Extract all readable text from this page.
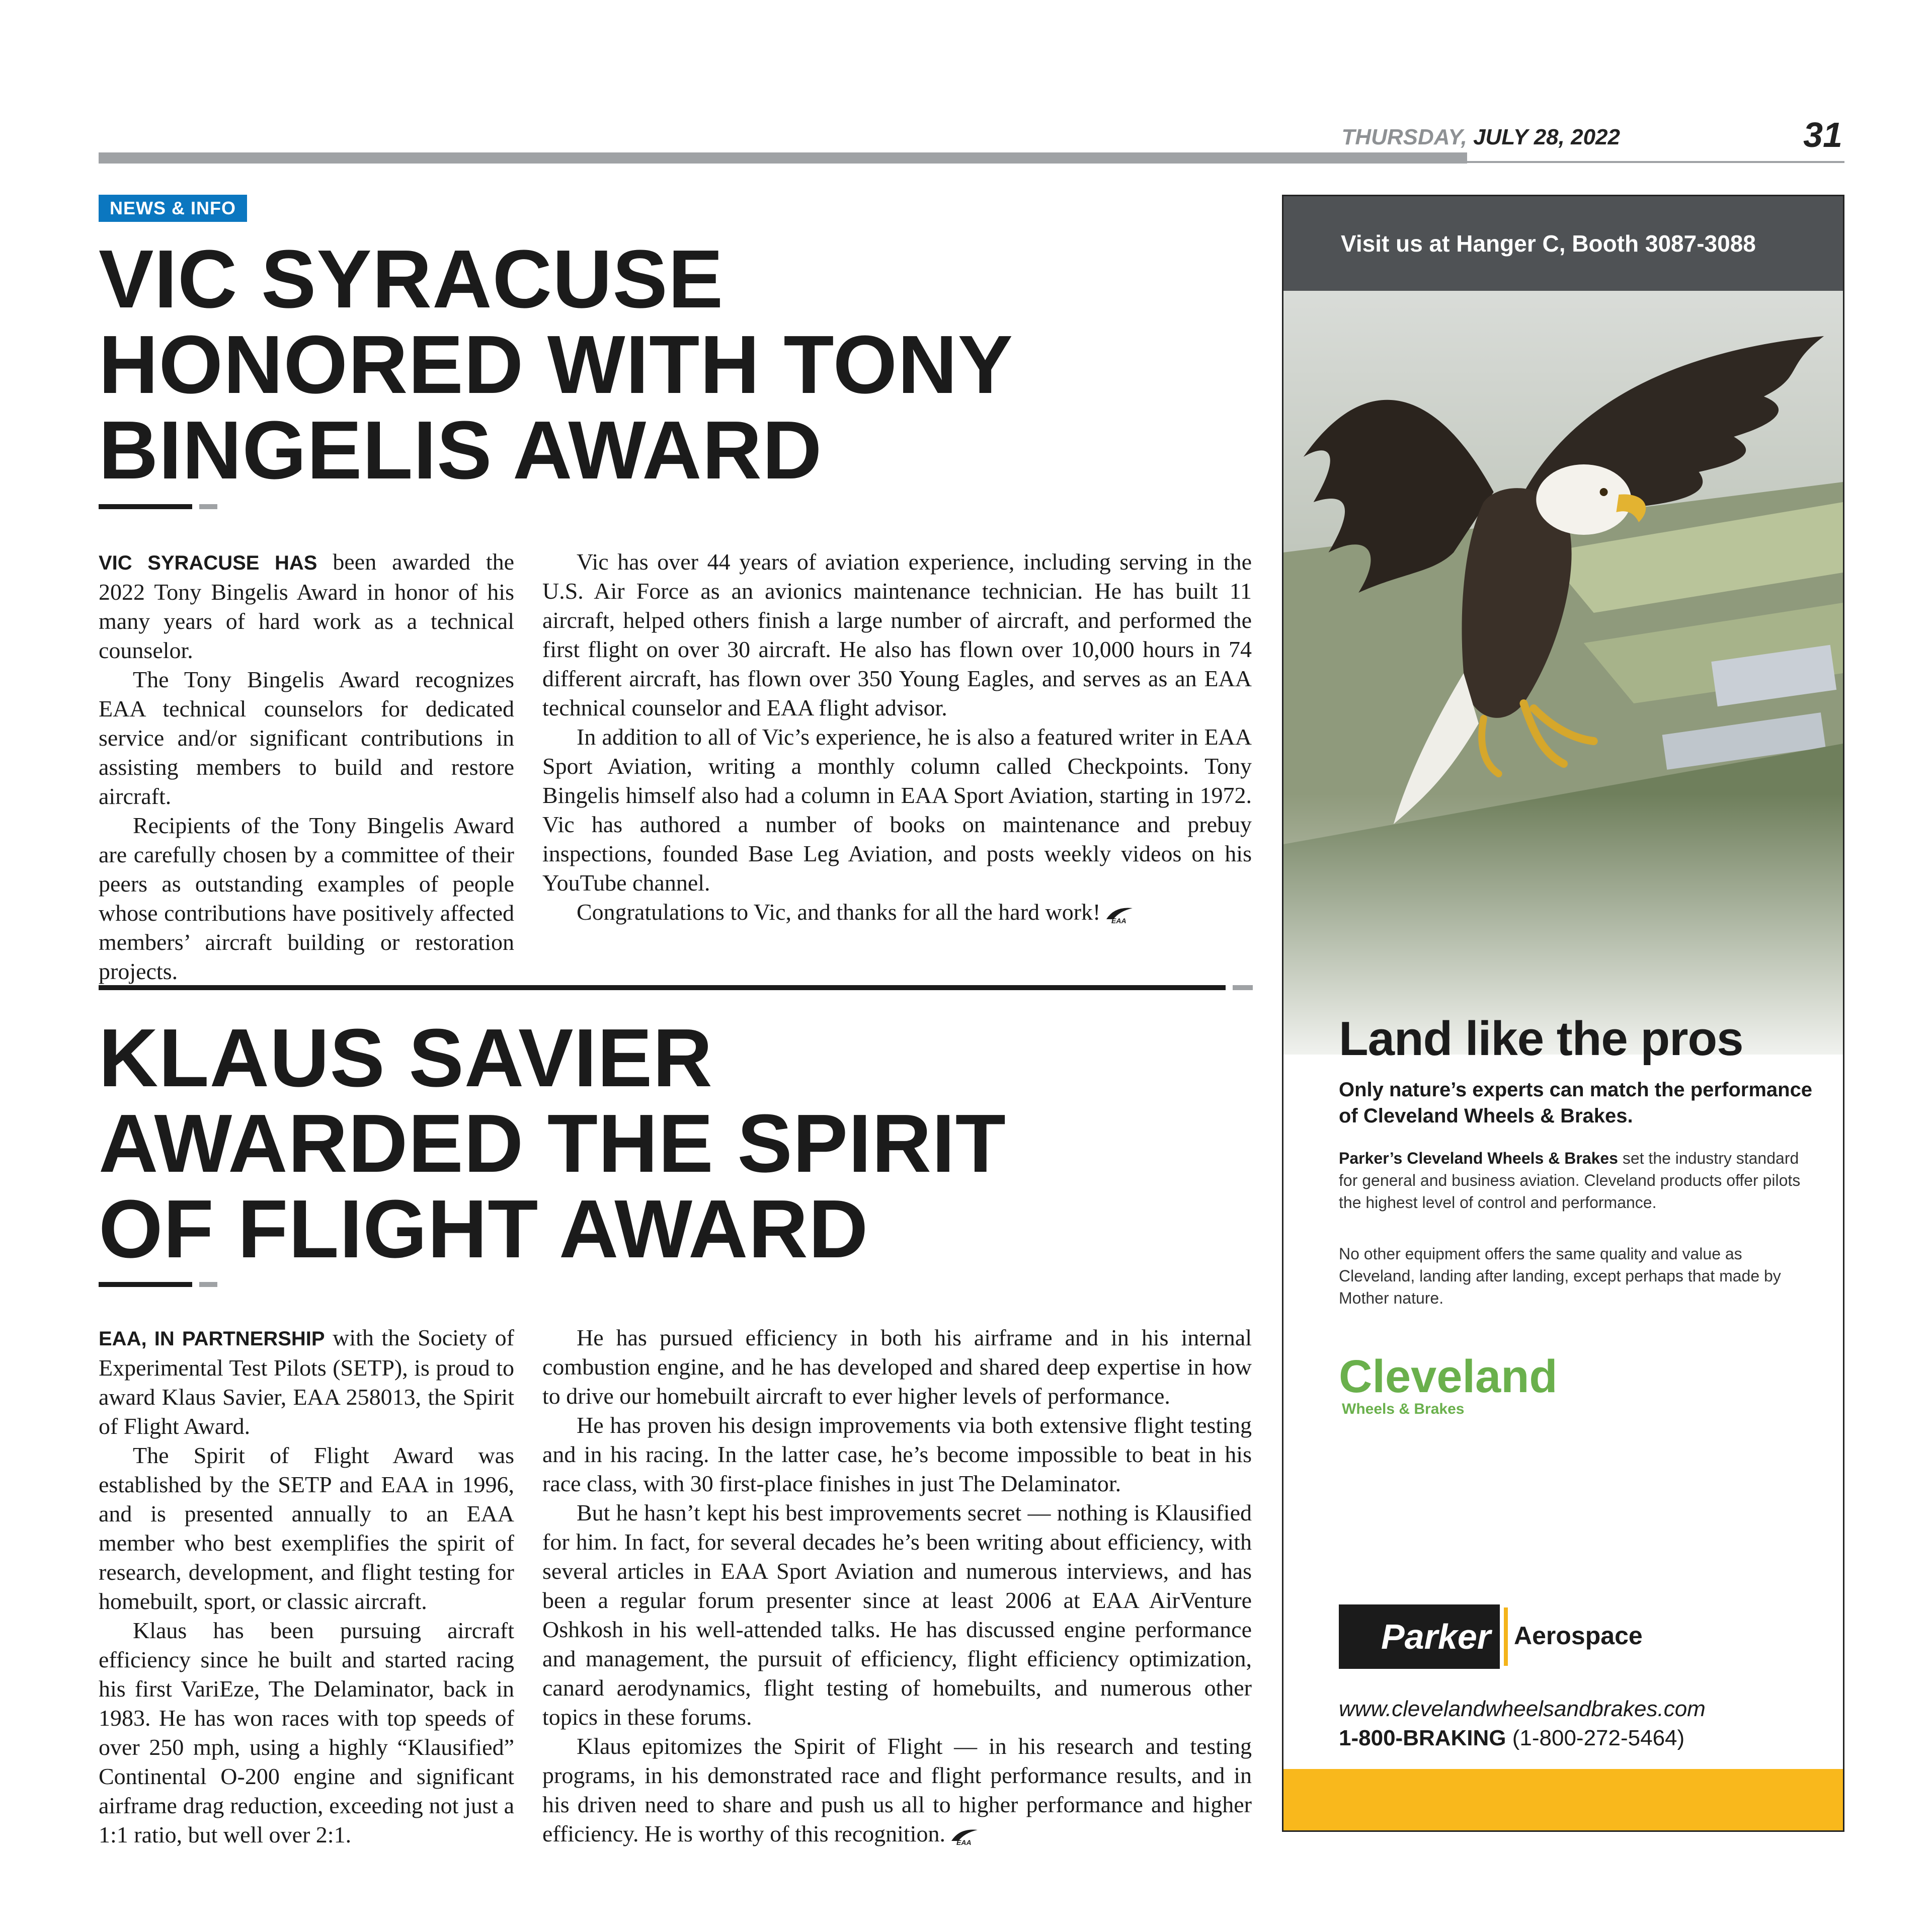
THURSDAY, JULY 28, 2022	31
NEWS & INFO
VIC SYRACUSE
HONORED WITH TONY
BINGELIS AWARD

VIC SYRACUSE HAS been awarded the 2022 Tony Bingelis Award in honor of his many years of hard work as a technical counselor.

The Tony Bingelis Award recognizes EAA technical counselors for dedicated service and/or significant contributions in assisting members to build and restore aircraft.

Recipients of the Tony Bingelis Award are carefully chosen by a committee of their peers as outstanding examples of people whose contributions have positively affected members’ aircraft building or restoration projects.

Vic has over 44 years of aviation experience, including serving in the U.S. Air Force as an avionics maintenance technician. He has built 11 aircraft, helped others finish a large number of aircraft, and performed the first flight on over 30 aircraft. He also has flown over 10,000 hours in 74 different aircraft, has flown over 350 Young Eagles, and serves as an EAA technical counselor and EAA flight advisor.

In addition to all of Vic’s experience, he is also a featured writer in EAA Sport Aviation, writing a monthly column called Checkpoints. Tony Bingelis himself also had a column in EAA Sport Aviation, starting in 1972. Vic has authored a number of books on maintenance and prebuy inspections, founded Base Leg Aviation, and posts weekly videos on his YouTube channel.

Congratulations to Vic, and thanks for all the hard work! EAA

KLAUS SAVIER
AWARDED THE SPIRIT
OF FLIGHT AWARD

EAA, IN PARTNERSHIP with the Society of Experimental Test Pilots (SETP), is proud to award Klaus Savier, EAA 258013, the Spirit of Flight Award.

The Spirit of Flight Award was established by the SETP and EAA in 1996, and is presented annually to an EAA member who best exemplifies the spirit of research, development, and flight testing for homebuilt, sport, or classic aircraft.

Klaus has been pursuing aircraft efficiency since he built and started racing his first VariEze, The Delaminator, back in 1983. He has won races with top speeds of over 250 mph, using a highly “Klausified” Continental O-200 engine and significant airframe drag reduction, exceeding not just a 1:1 ratio, but well over 2:1.

He has pursued efficiency in both his airframe and in his internal combustion engine, and he has developed and shared deep expertise in how to drive our homebuilt aircraft to ever higher levels of performance.

He has proven his design improvements via both extensive flight testing and in his racing. In the latter case, he’s become impossible to beat in his race class, with 30 first-place finishes in just The Delaminator.

But he hasn’t kept his best improvements secret — nothing is Klausified for him. In fact, for several decades he’s been writing about efficiency, with several articles in EAA Sport Aviation and numerous interviews, and has been a regular forum presenter since at least 2006 at EAA AirVenture Oshkosh in his well-attended talks. He has discussed engine performance and management, the pursuit of efficiency, flight efficiency optimization, canard aerodynamics, flight testing of homebuilts, and numerous other topics in these forums.

Klaus epitomizes the Spirit of Flight — in his research and testing programs, in his demonstrated race and flight performance results, and in his driven need to share and push us all to higher performance and higher efficiency. He is worthy of this recognition. EAA

Visit us at Hanger C, Booth 3087-3088
Land like the pros
Only nature’s experts can match the performance of Cleveland Wheels & Brakes.
Parker’s Cleveland Wheels & Brakes set the industry standard for general and business aviation. Cleveland products offer pilots the highest level of control and performance.
No other equipment offers the same quality and value as Cleveland, landing after landing, except perhaps that made by Mother nature.
Cleveland
Wheels & Brakes
Parker Aerospace
www.clevelandwheelsandbrakes.com
1-800-BRAKING (1-800-272-5464)
